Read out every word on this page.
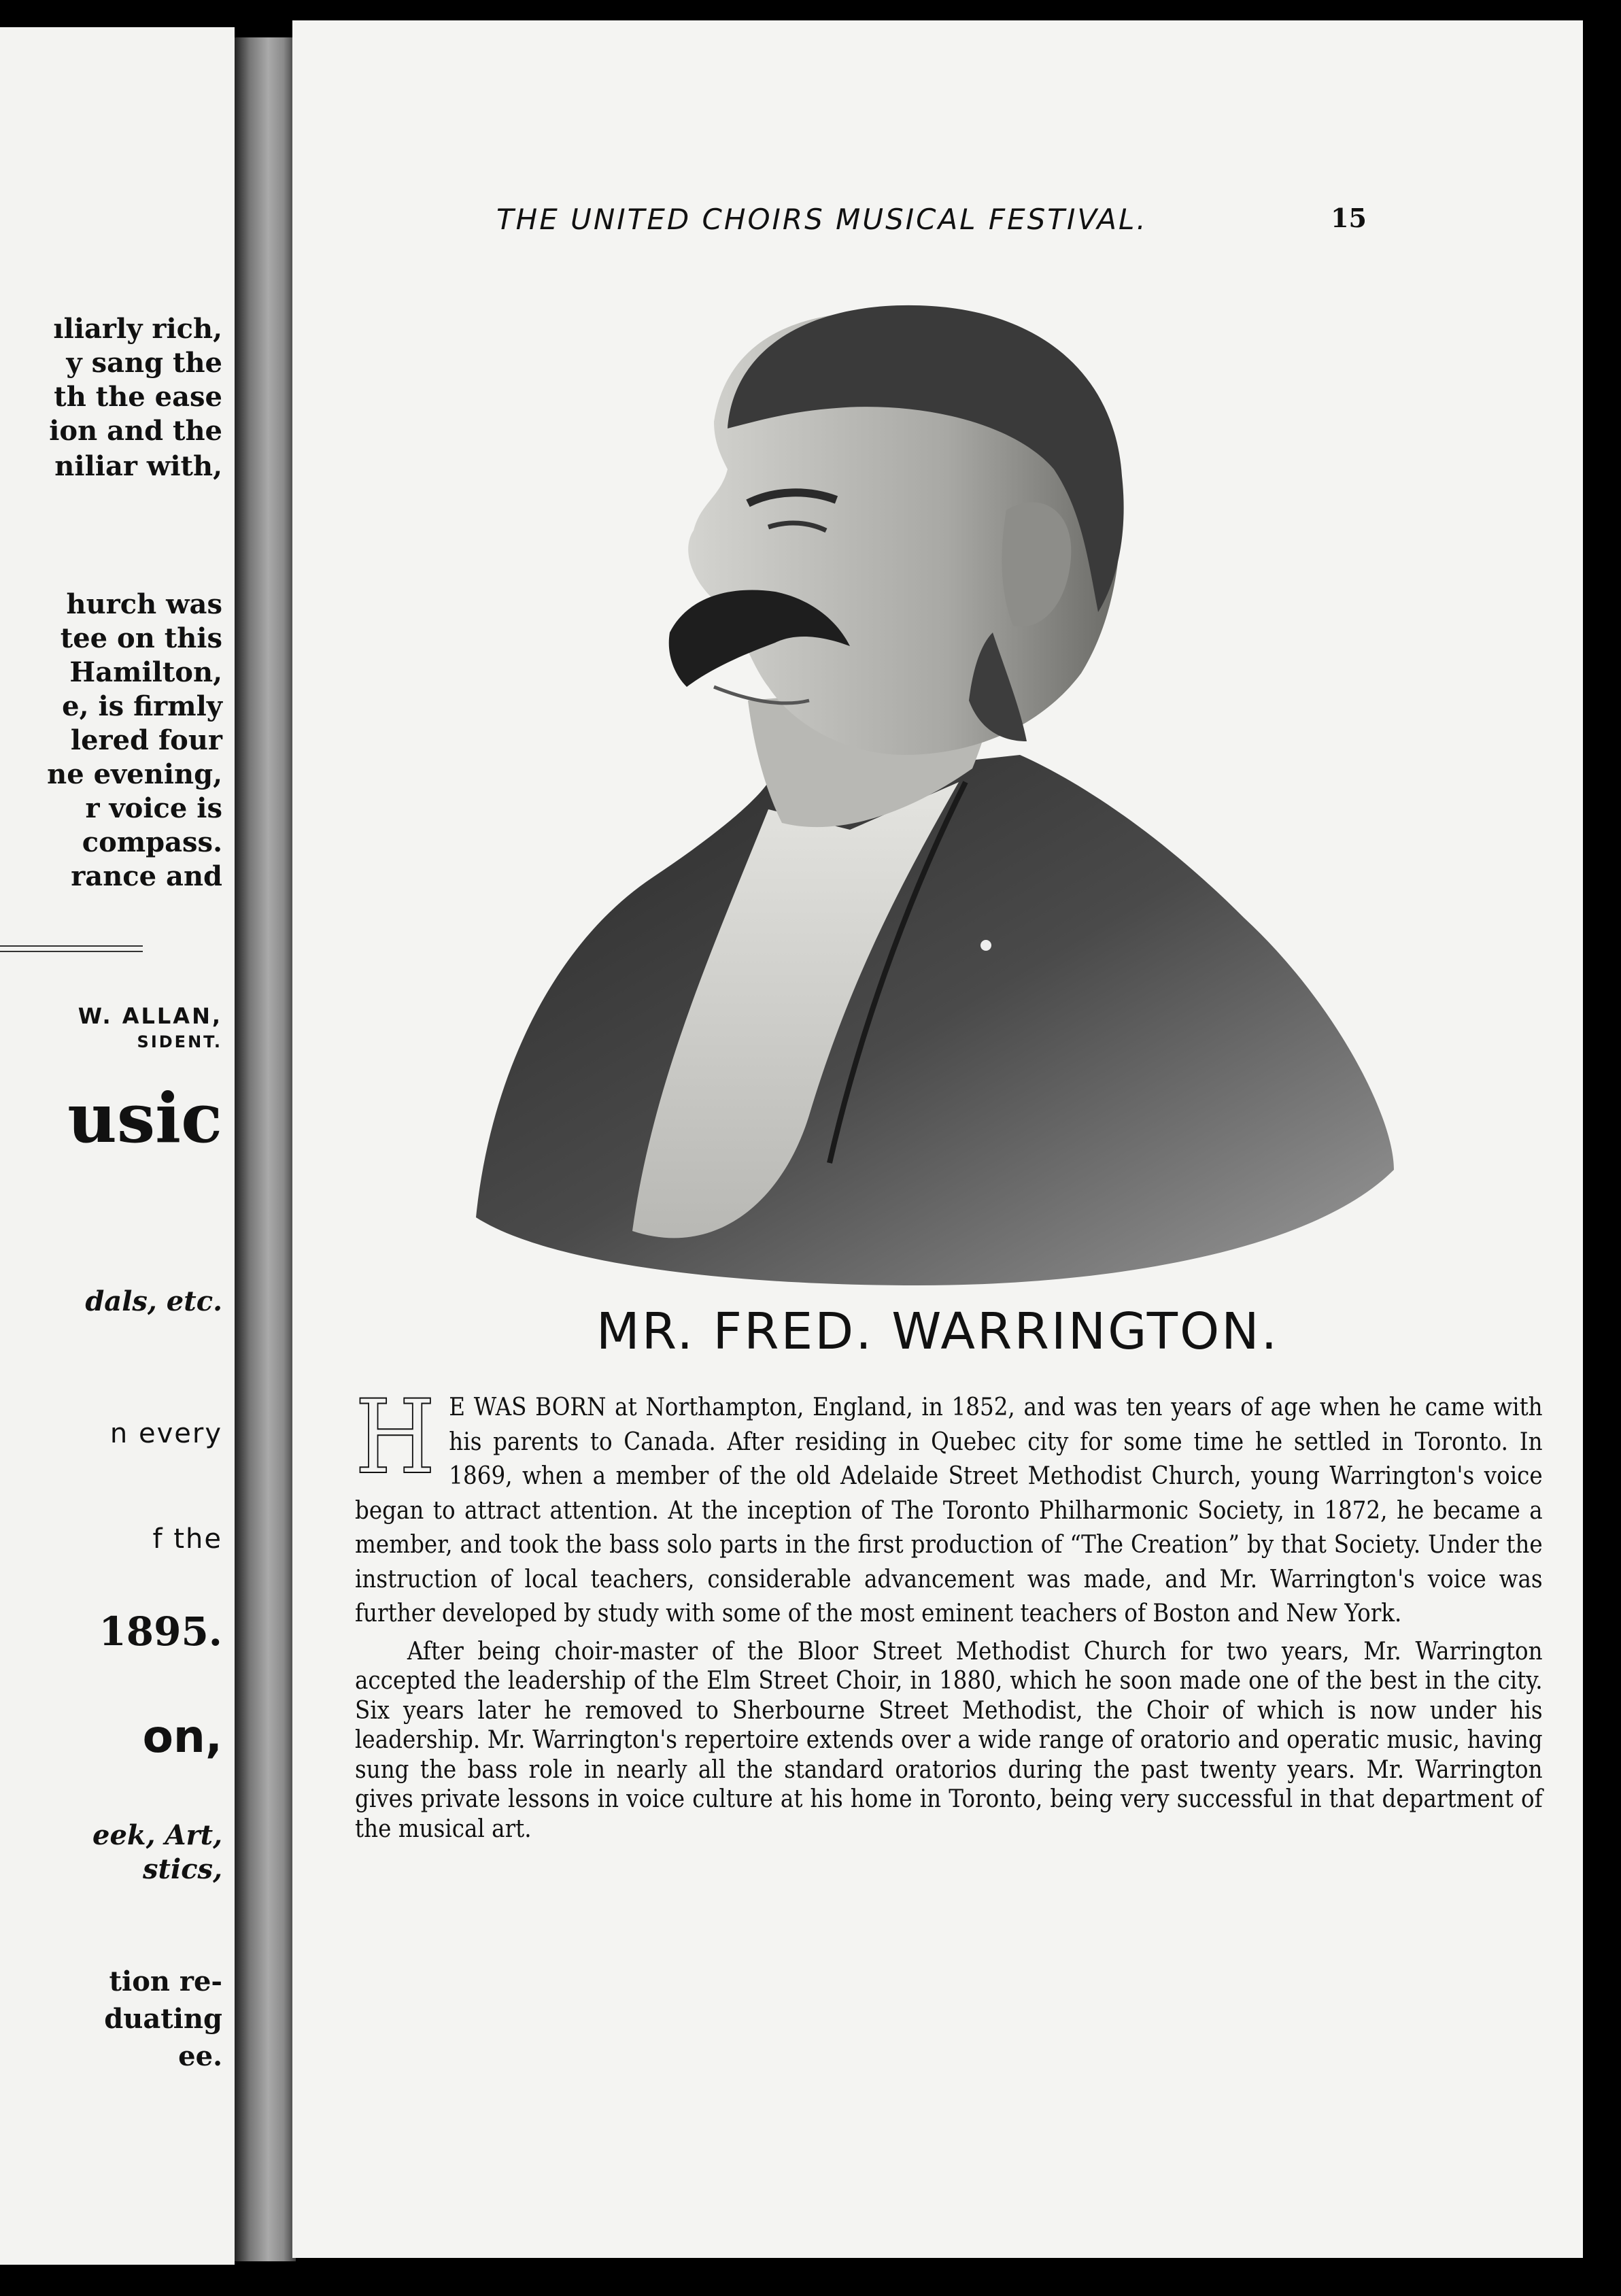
ıliarly rich,
y sang the
th the ease
ion and the
niliar with,
hurch was
tee on this
Hamilton,
e, is firmly
lered four
ne evening,
r voice is
compass.
rance and
W. ALLAN,
SIDENT.
usic
dals, etc.
n every
f the
1895.
on,
eek, Art,
stics,
tion re-
duating
ee.
THE UNITED CHOIRS MUSICAL FESTIVAL.	15
MR. FRED. WARRINGTON.

H E WAS BORN at Northampton, England, in 1852, and was ten years of age when he came with his parents to Canada. After residing in Quebec city for some time he settled in Toronto. In 1869, when a member of the old Adelaide Street Methodist Church, young Warrington's voice began to attract attention. At the inception of The Toronto Philharmonic Society, in 1872, he became a member, and took the bass solo parts in the first production of “The Creation” by that Society. Under the instruction of local teachers, considerable advancement was made, and Mr. Warrington's voice was further developed by study with some of the most eminent teachers of Boston and New York.

After being choir-master of the Bloor Street Methodist Church for two years, Mr. Warrington accepted the leadership of the Elm Street Choir, in 1880, which he soon made one of the best in the city. Six years later he removed to Sherbourne Street Methodist, the Choir of which is now under his leadership. Mr. Warrington's repertoire extends over a wide range of oratorio and operatic music, having sung the bass role in nearly all the standard oratorios during the past twenty years. Mr. Warrington gives private lessons in voice culture at his home in Toronto, being very successful in that department of the musical art.
